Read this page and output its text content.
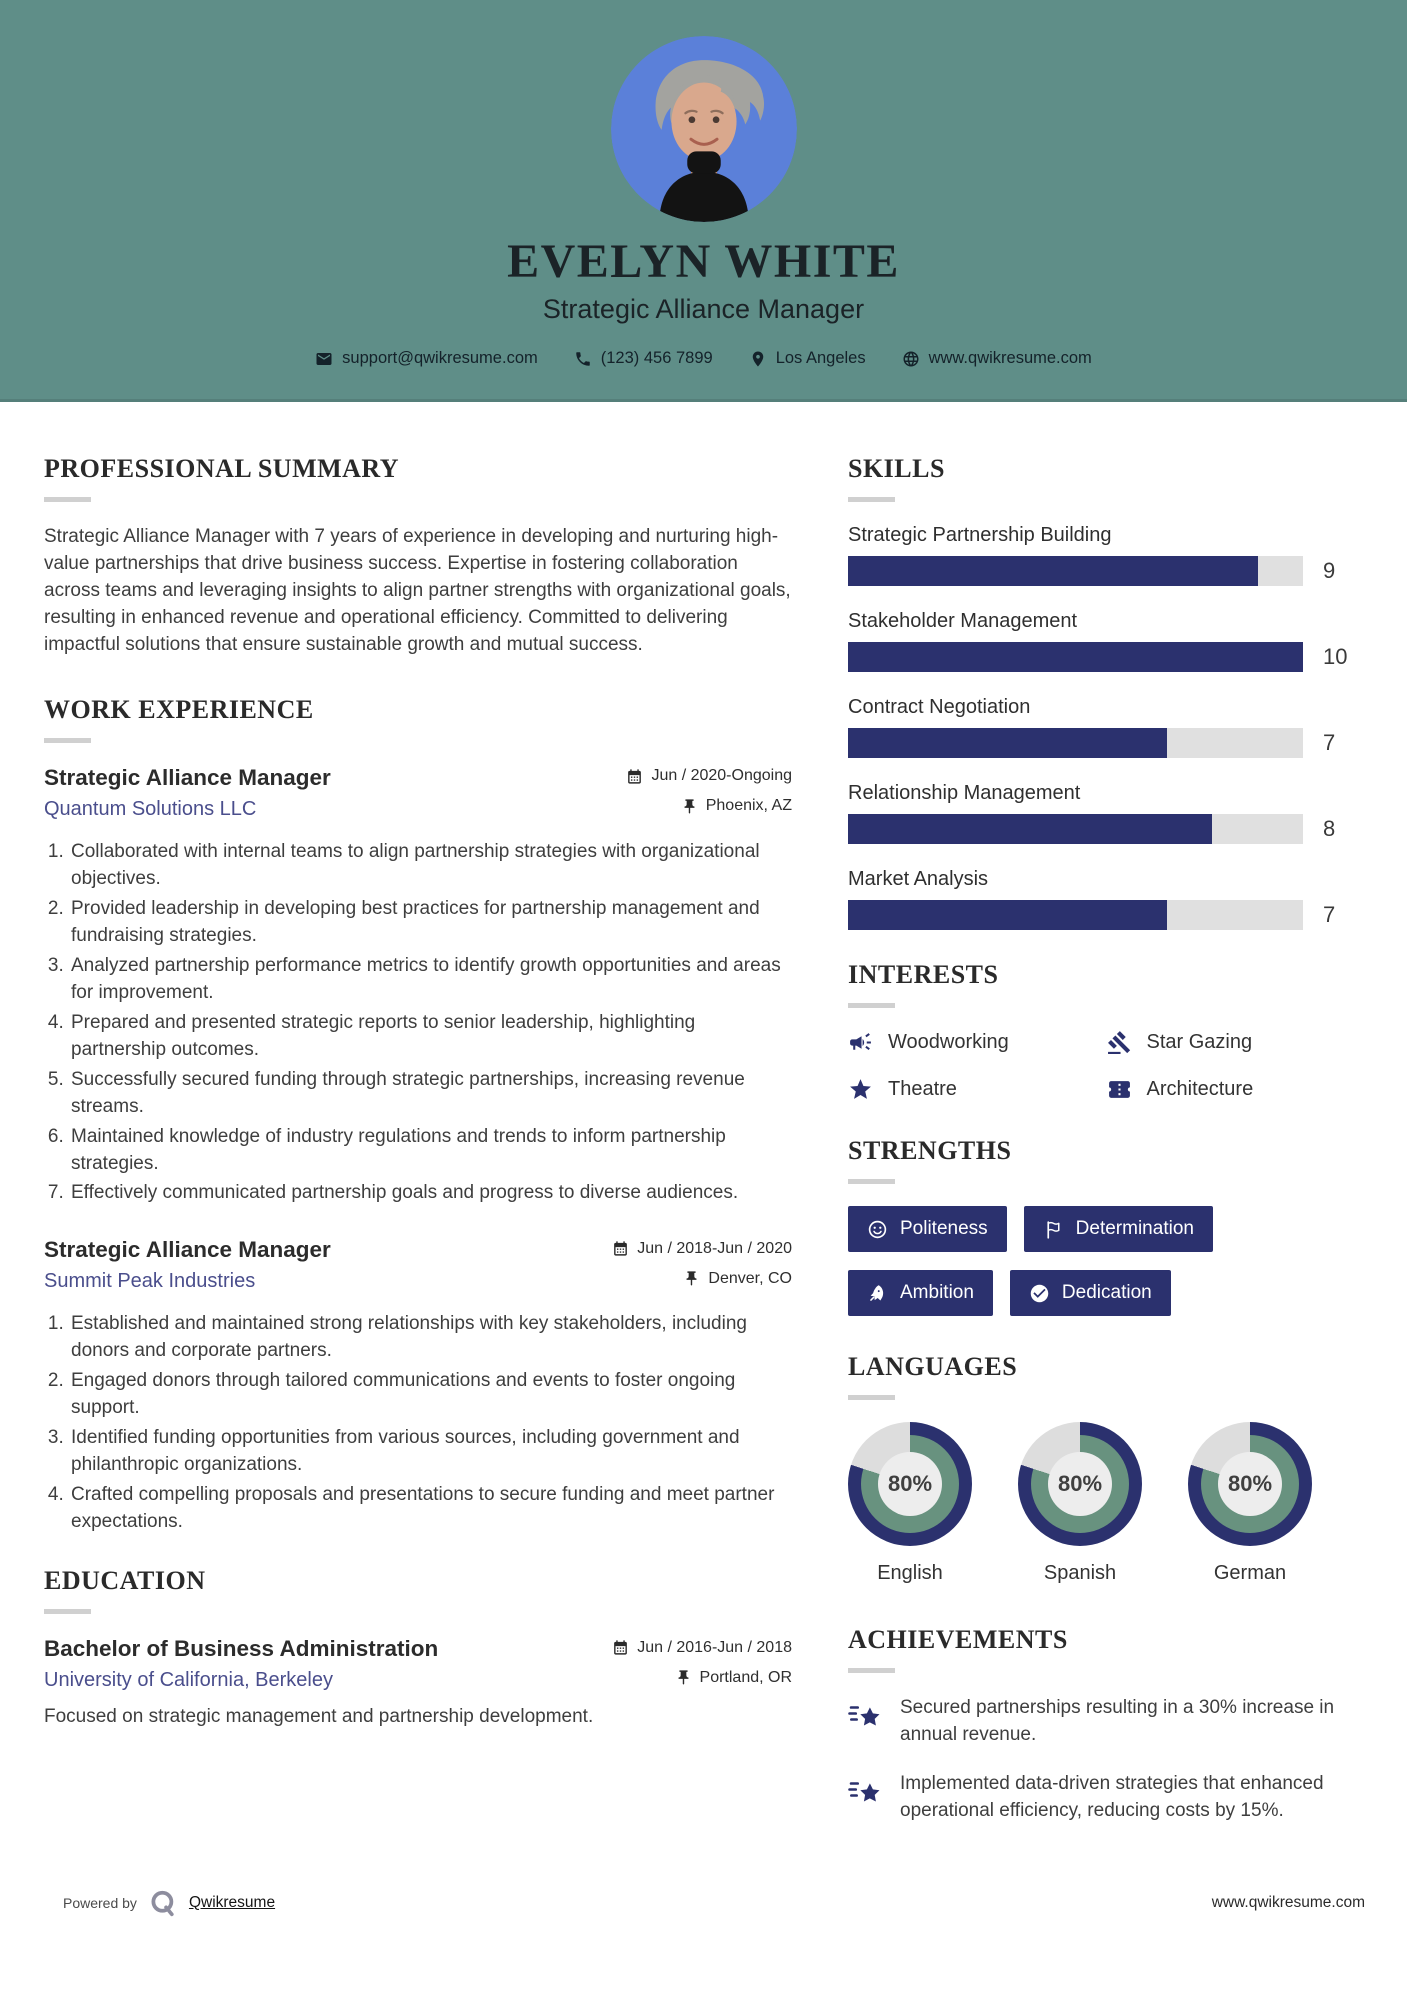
EVELYN WHITE
Strategic Alliance Manager
support@qwikresume.com	(123) 456 7899	Los Angeles	www.qwikresume.com
PROFESSIONAL SUMMARY

Strategic Alliance Manager with 7 years of experience in developing and nurturing high-value partnerships that drive business success. Expertise in fostering collaboration across teams and leveraging insights to align partner strengths with organizational goals, resulting in enhanced revenue and operational efficiency. Committed to delivering impactful solutions that ensure sustainable growth and mutual success.

WORK EXPERIENCE
Strategic Alliance Manager	Jun / 2020-Ongoing
Quantum Solutions LLC	Phoenix, AZ
1. Collaborated with internal teams to align partnership strategies with organizational objectives.
2. Provided leadership in developing best practices for partnership management and fundraising strategies.
3. Analyzed partnership performance metrics to identify growth opportunities and areas for improvement.
4. Prepared and presented strategic reports to senior leadership, highlighting partnership outcomes.
5. Successfully secured funding through strategic partnerships, increasing revenue streams.
6. Maintained knowledge of industry regulations and trends to inform partnership strategies.
7. Effectively communicated partnership goals and progress to diverse audiences.
Strategic Alliance Manager	Jun / 2018-Jun / 2020
Summit Peak Industries	Denver, CO
1. Established and maintained strong relationships with key stakeholders, including donors and corporate partners.
2. Engaged donors through tailored communications and events to foster ongoing support.
3. Identified funding opportunities from various sources, including government and philanthropic organizations.
4. Crafted compelling proposals and presentations to secure funding and meet partner expectations.
EDUCATION
Bachelor of Business Administration	Jun / 2016-Jun / 2018
University of California, Berkeley	Portland, OR
Focused on strategic management and partnership development.
SKILLS
Strategic Partnership Building
9
Stakeholder Management
10
Contract Negotiation
7
Relationship Management
8
Market Analysis
7
INTERESTS
Woodworking	Star Gazing
Theatre	Architecture
STRENGTHS
Politeness	Determination
Ambition	Dedication
LANGUAGES
80%
English
80%
Spanish
80%
German
ACHIEVEMENTS
Secured partnerships resulting in a 30% increase in annual revenue.
Implemented data-driven strategies that enhanced operational efficiency, reducing costs by 15%.
Powered by	Qwikresume	www.qwikresume.com
